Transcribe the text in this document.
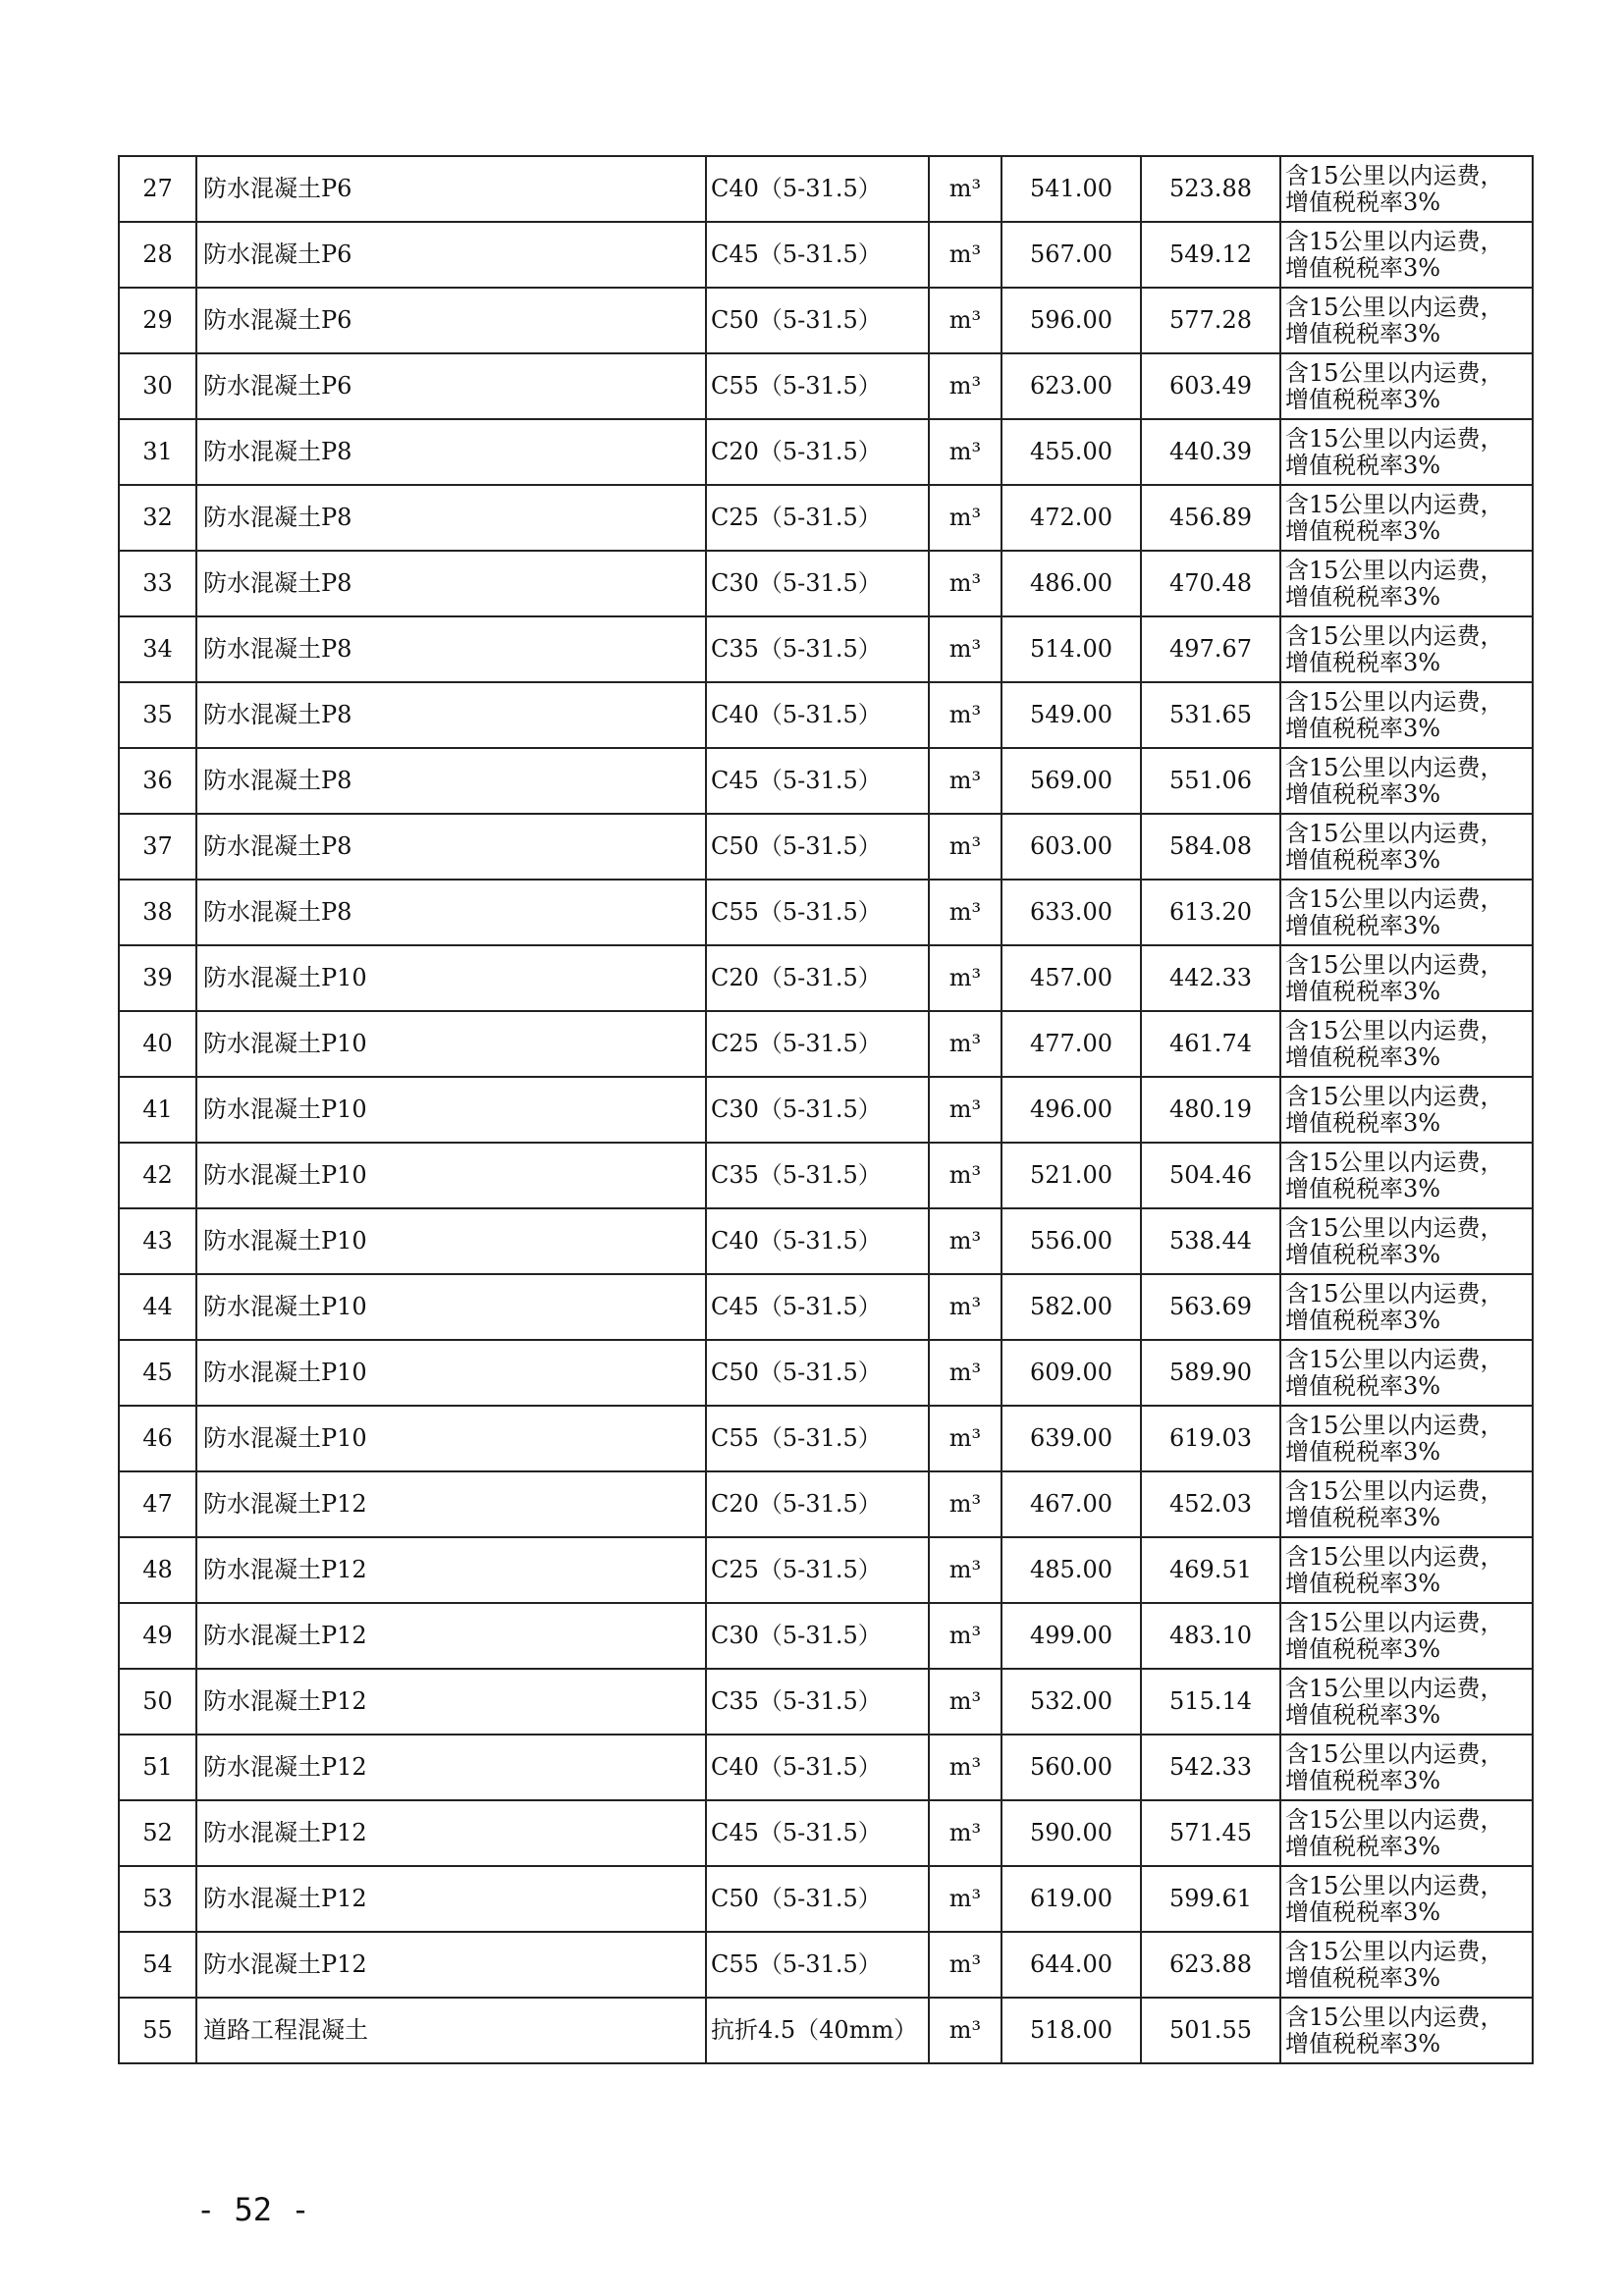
27	防水混凝土P6	C40（5-31.5）	m³	541.00	523.88	含15公里以内运费，
增值税税率3%

28	防水混凝土P6	C45（5-31.5）	m³	567.00	549.12	含15公里以内运费，
增值税税率3%

29	防水混凝土P6	C50（5-31.5）	m³	596.00	577.28	含15公里以内运费，
增值税税率3%

30	防水混凝土P6	C55（5-31.5）	m³	623.00	603.49	含15公里以内运费，
增值税税率3%

31	防水混凝土P8	C20（5-31.5）	m³	455.00	440.39	含15公里以内运费，
增值税税率3%

32	防水混凝土P8	C25（5-31.5）	m³	472.00	456.89	含15公里以内运费，
增值税税率3%

33	防水混凝土P8	C30（5-31.5）	m³	486.00	470.48	含15公里以内运费，
增值税税率3%

34	防水混凝土P8	C35（5-31.5）	m³	514.00	497.67	含15公里以内运费，
增值税税率3%

35	防水混凝土P8	C40（5-31.5）	m³	549.00	531.65	含15公里以内运费，
增值税税率3%

36	防水混凝土P8	C45（5-31.5）	m³	569.00	551.06	含15公里以内运费，
增值税税率3%

37	防水混凝土P8	C50（5-31.5）	m³	603.00	584.08	含15公里以内运费，
增值税税率3%

38	防水混凝土P8	C55（5-31.5）	m³	633.00	613.20	含15公里以内运费，
增值税税率3%

39	防水混凝土P10	C20（5-31.5）	m³	457.00	442.33	含15公里以内运费，
增值税税率3%

40	防水混凝土P10	C25（5-31.5）	m³	477.00	461.74	含15公里以内运费，
增值税税率3%

41	防水混凝土P10	C30（5-31.5）	m³	496.00	480.19	含15公里以内运费，
增值税税率3%

42	防水混凝土P10	C35（5-31.5）	m³	521.00	504.46	含15公里以内运费，
增值税税率3%

43	防水混凝土P10	C40（5-31.5）	m³	556.00	538.44	含15公里以内运费，
增值税税率3%

44	防水混凝土P10	C45（5-31.5）	m³	582.00	563.69	含15公里以内运费，
增值税税率3%

45	防水混凝土P10	C50（5-31.5）	m³	609.00	589.90	含15公里以内运费，
增值税税率3%

46	防水混凝土P10	C55（5-31.5）	m³	639.00	619.03	含15公里以内运费，
增值税税率3%

47	防水混凝土P12	C20（5-31.5）	m³	467.00	452.03	含15公里以内运费，
增值税税率3%

48	防水混凝土P12	C25（5-31.5）	m³	485.00	469.51	含15公里以内运费，
增值税税率3%

49	防水混凝土P12	C30（5-31.5）	m³	499.00	483.10	含15公里以内运费，
增值税税率3%

50	防水混凝土P12	C35（5-31.5）	m³	532.00	515.14	含15公里以内运费，
增值税税率3%

51	防水混凝土P12	C40（5-31.5）	m³	560.00	542.33	含15公里以内运费，
增值税税率3%

52	防水混凝土P12	C45（5-31.5）	m³	590.00	571.45	含15公里以内运费，
增值税税率3%

53	防水混凝土P12	C50（5-31.5）	m³	619.00	599.61	含15公里以内运费，
增值税税率3%

54	防水混凝土P12	C55（5-31.5）	m³	644.00	623.88	含15公里以内运费，
增值税税率3%

55	道路工程混凝土	抗折4.5（40mm）	m³	518.00	501.55	含15公里以内运费，
增值税税率3%
- 52 -
